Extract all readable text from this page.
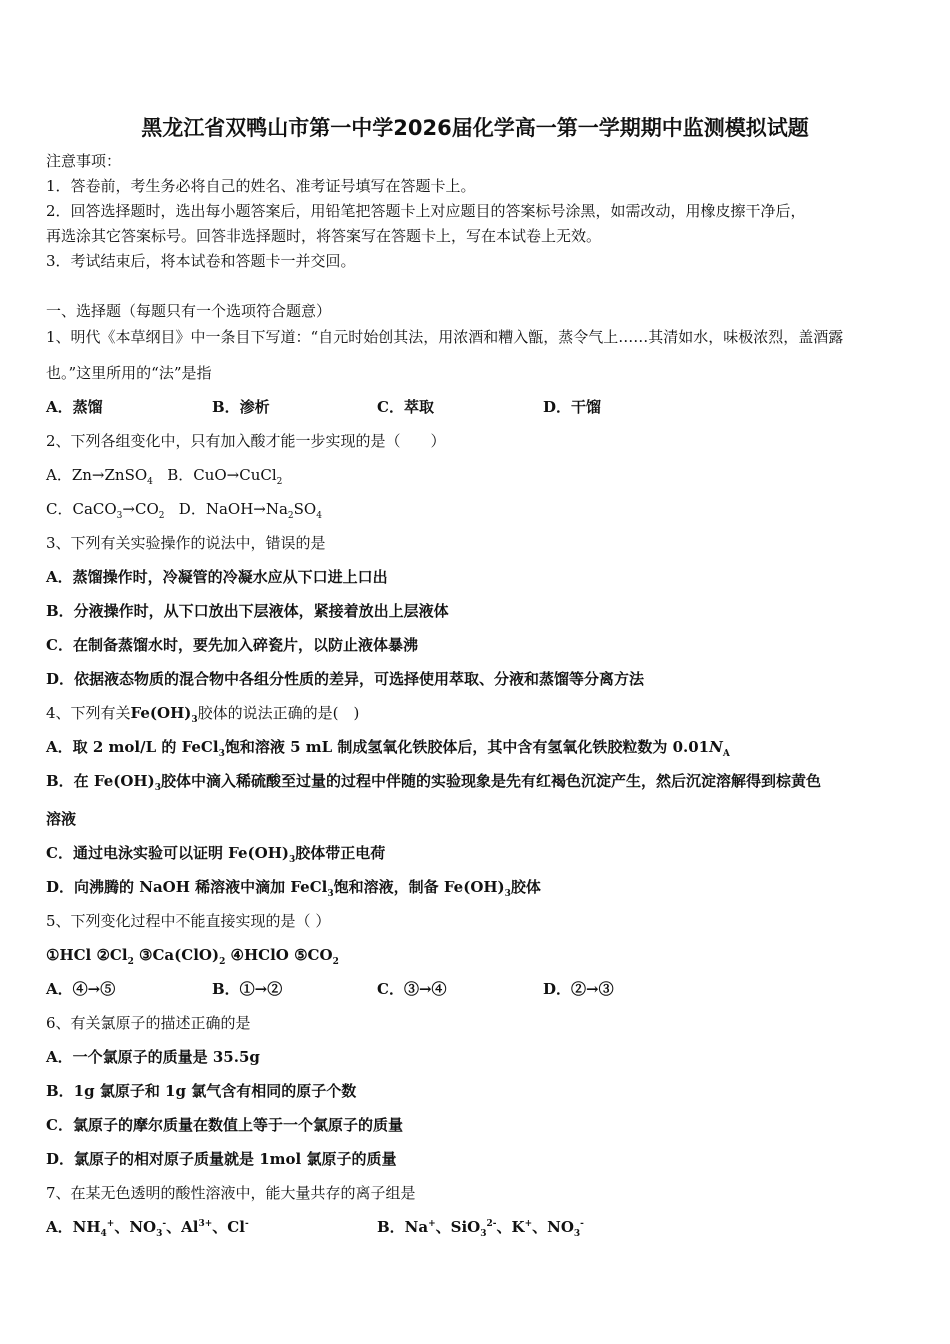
黑龙江省双鸭山市第一中学2026届化学高一第一学期期中监测模拟试题
注意事项：
1．答卷前，考生务必将自己的姓名、准考证号填写在答题卡上。
2．回答选择题时，选出每小题答案后，用铅笔把答题卡上对应题目的答案标号涂黑，如需改动，用橡皮擦干净后，
再选涂其它答案标号。回答非选择题时，将答案写在答题卡上，写在本试卷上无效。
3．考试结束后，将本试卷和答题卡一并交回。
一、选择题（每题只有一个选项符合题意）
1、明代《本草纲目》中一条目下写道：“自元时始创其法，用浓酒和糟入甑，蒸令气上……其清如水，味极浓烈，盖酒露
也。”这里所用的“法”是指
A．蒸馏	B．渗析	C．萃取	D．干馏
2、下列各组变化中，只有加入酸才能一步实现的是（　　）
A．Zn→ZnSO$_4$ B．CuO→CuCl$_2$
C．$CaCO_3\to CO_2$ D．$NaOH\to Na_2SO_4$
3、下列有关实验操作的说法中，错误的是
A．蒸馏操作时，冷凝管的冷凝水应从下口进上口出
B．分液操作时，从下口放出下层液体，紧接着放出上层液体
C．在制备蒸馏水时，要先加入碎瓷片，以防止液体暴沸
D．依据液态物质的混合物中各组分性质的差异，可选择使用萃取、分液和蒸馏等分离方法
4、下列有关$Fe(OH)_3$胶体的说法正确的是(　)
A．取 2 mol/L 的 FeCl$_3$饱和溶液 5 mL 制成氢氧化铁胶体后，其中含有氢氧化铁胶粒数为 $0.01N_A$
B．在 $Fe(OH)_3$胶体中滴入稀硫酸至过量的过程中伴随的实验现象是先有红褐色沉淀产生，然后沉淀溶解得到棕黄色
溶液
C．通过电泳实验可以证明 $Fe(OH)_3$胶体带正电荷
D．向沸腾的 NaOH 稀溶液中滴加 FeCl$_3$饱和溶液，制备 $Fe(OH)_3$胶体
5、下列变化过程中不能直接实现的是（ ）
①HCl $②Cl_2$ $③Ca(ClO)_2$ ④HClO $⑤CO_2$
A．④→⑤	B．①→②	C．③→④	D．②→③
6、有关氯原子的描述正确的是
A．一个氯原子的质量是 35.5g
B．1g 氯原子和 1g 氯气含有相同的原子个数
C．氯原子的摩尔质量在数值上等于一个氯原子的质量
D．氯原子的相对原子质量就是 1mol 氯原子的质量
7、在某无色透明的酸性溶液中，能大量共存的离子组是
A．$NH_4^+$、$NO_3^-$、$Al^{3+}$、Cl-	B．Na+、SiO$_3^{2-}$、K+、$NO_3^-$
